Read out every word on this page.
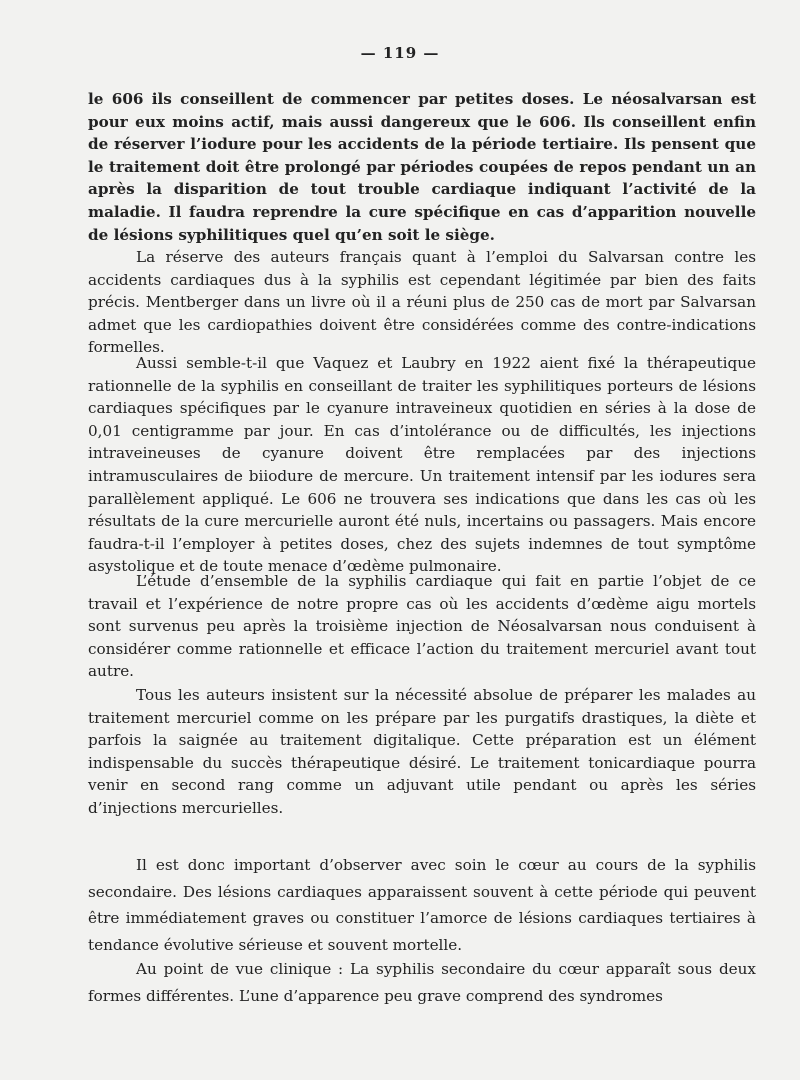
— 119 —

le 606 ils conseillent de commencer par petites doses. Le néosalvarsan est pour eux moins actif, mais aussi dangereux que le 606. Ils conseillent enfin de réserver l’iodure pour les accidents de la période tertiaire. Ils pensent que le traitement doit être prolongé par périodes coupées de repos pendant un an après la disparition de tout trouble cardiaque indiquant l’activité de la maladie. Il faudra reprendre la cure spécifique en cas d’apparition nouvelle de lésions syphilitiques quel qu’en soit le siège.

La réserve des auteurs français quant à l’emploi du Salvarsan contre les accidents cardiaques dus à la syphilis est cependant légitimée par bien des faits précis. Mentberger dans un livre où il a réuni plus de 250 cas de mort par Salvarsan admet que les cardiopathies doivent être considérées comme des contre-indications formelles.

Aussi semble-t-il que Vaquez et Laubry en 1922 aient fixé la thérapeutique rationnelle de la syphilis en conseillant de traiter les syphilitiques porteurs de lésions cardiaques spécifiques par le cyanure intraveineux quotidien en séries à la dose de 0,01 centigramme par jour. En cas d’intolérance ou de difficultés, les injections intraveineuses de cyanure doivent être remplacées par des injections intramusculaires de biiodure de mercure. Un traitement intensif par les iodures sera parallèlement appliqué. Le 606 ne trouvera ses indications que dans les cas où les résultats de la cure mercurielle auront été nuls, incertains ou passagers. Mais encore faudra-t-il l’employer à petites doses, chez des sujets indemnes de tout symptôme asystolique et de toute menace d’œdème pulmonaire.

L’étude d’ensemble de la syphilis cardiaque qui fait en partie l’objet de ce travail et l’expérience de notre propre cas où les accidents d’œdème aigu mortels sont survenus peu après la troisième injection de Néosalvarsan nous conduisent à considérer comme rationnelle et efficace l’action du traitement mercuriel avant tout autre.

Tous les auteurs insistent sur la nécessité absolue de préparer les malades au traitement mercuriel comme on les prépare par les purgatifs drastiques, la diète et parfois la saignée au traitement digitalique. Cette préparation est un élément indispensable du succès thérapeutique désiré. Le traitement tonicardiaque pourra venir en second rang comme un adjuvant utile pendant ou après les séries d’injections mercurielles.

Il est donc important d’observer avec soin le cœur au cours de la syphilis secondaire. Des lésions cardiaques apparaissent souvent à cette période qui peuvent être immédiatement graves ou constituer l’amorce de lésions cardiaques tertiaires à tendance évolutive sérieuse et souvent mortelle.

Au point de vue clinique : La syphilis secondaire du cœur apparaît sous deux formes différentes. L’une d’apparence peu grave comprend des syndromes
